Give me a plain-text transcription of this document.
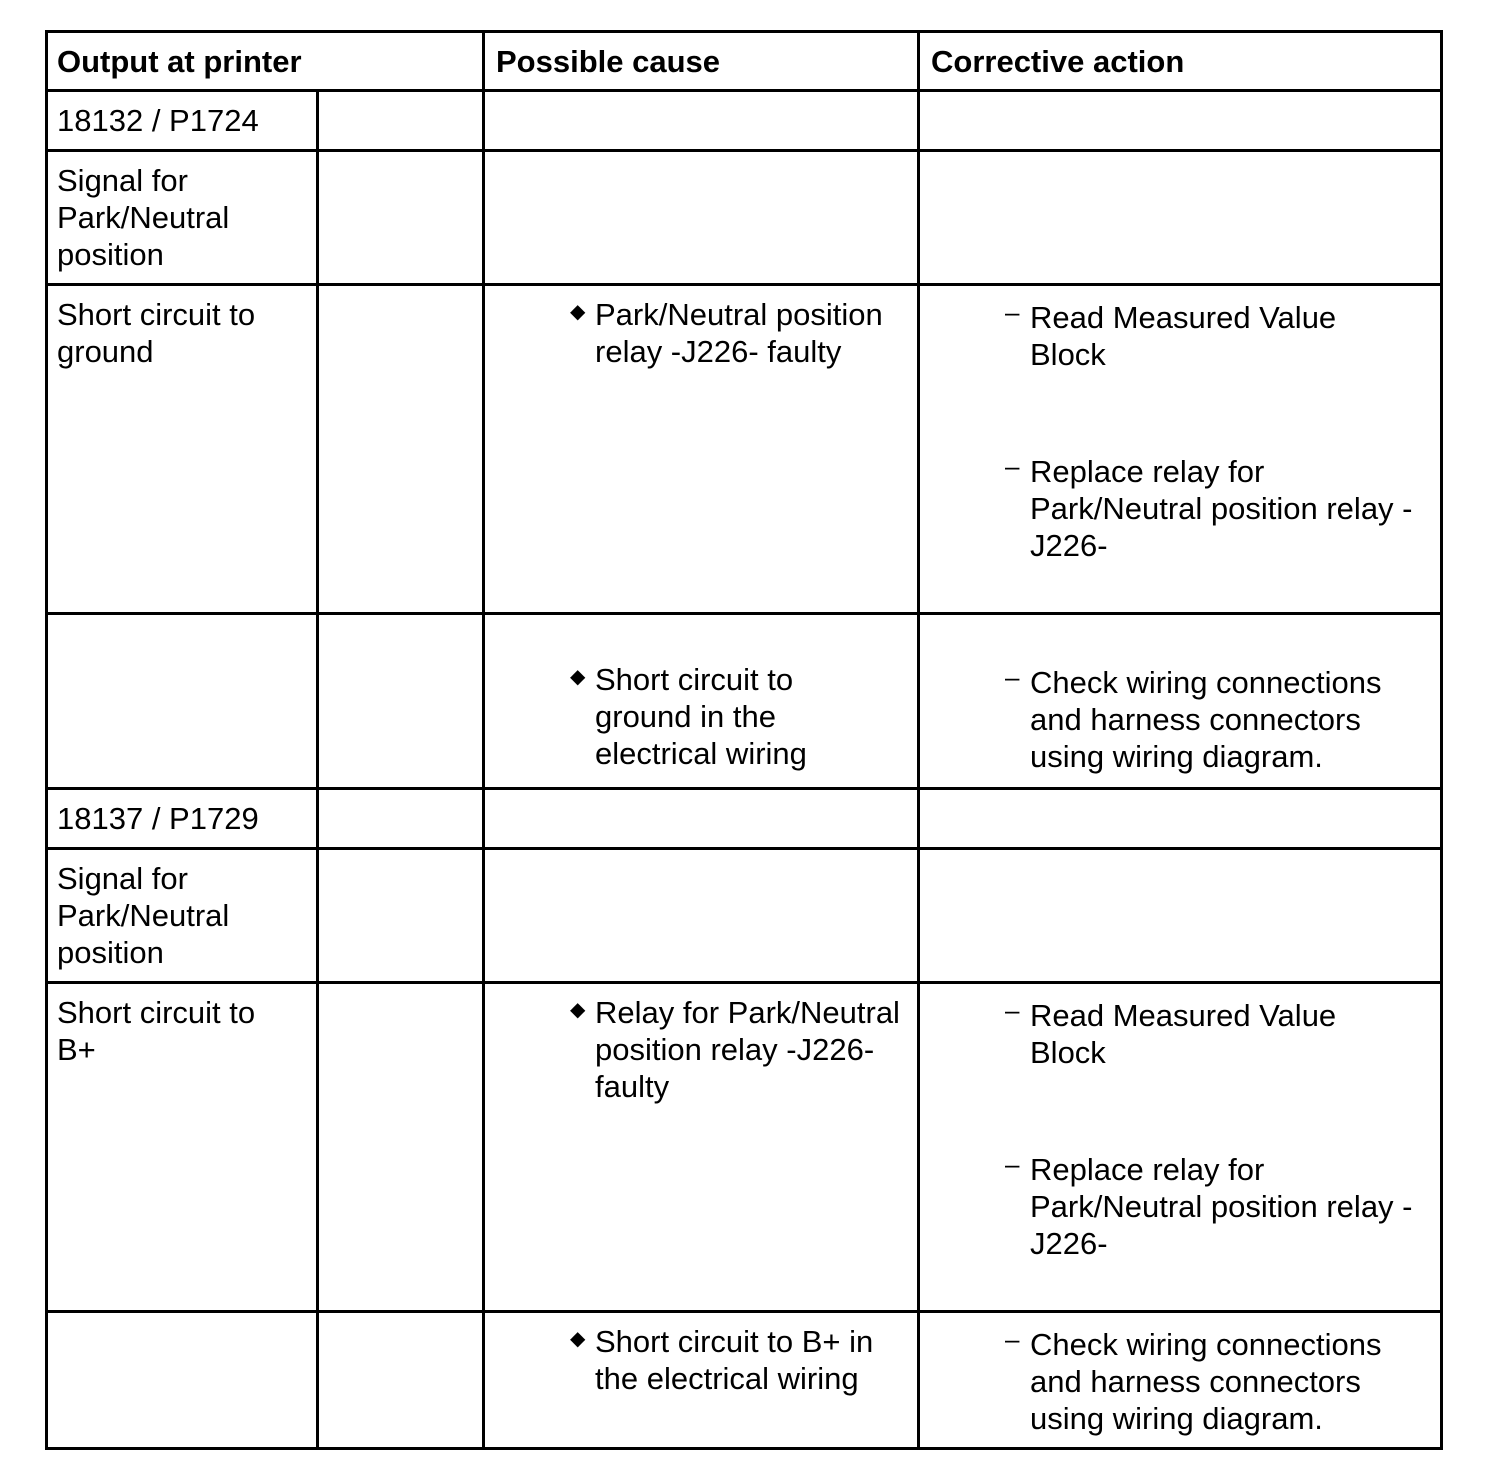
Output at printer	Possible cause	Corrective action
18132 / P1724
Signal for Park/Neutral position
Short circuit to ground
◆ Park/Neutral position relay -J226- faulty
◆ Short circuit to ground in the electrical wiring
– Read Measured Value Block
– Replace relay for Park/Neutral position relay -J226-
– Check wiring connections and harness connectors using wiring diagram.
18137 / P1729
Signal for Park/Neutral position
Short circuit to B+
◆ Relay for Park/Neutral position relay -J226- faulty
◆ Short circuit to B+ in the electrical wiring
– Read Measured Value Block
– Replace relay for Park/Neutral position relay -J226-
– Check wiring connections and harness connectors using wiring diagram.
